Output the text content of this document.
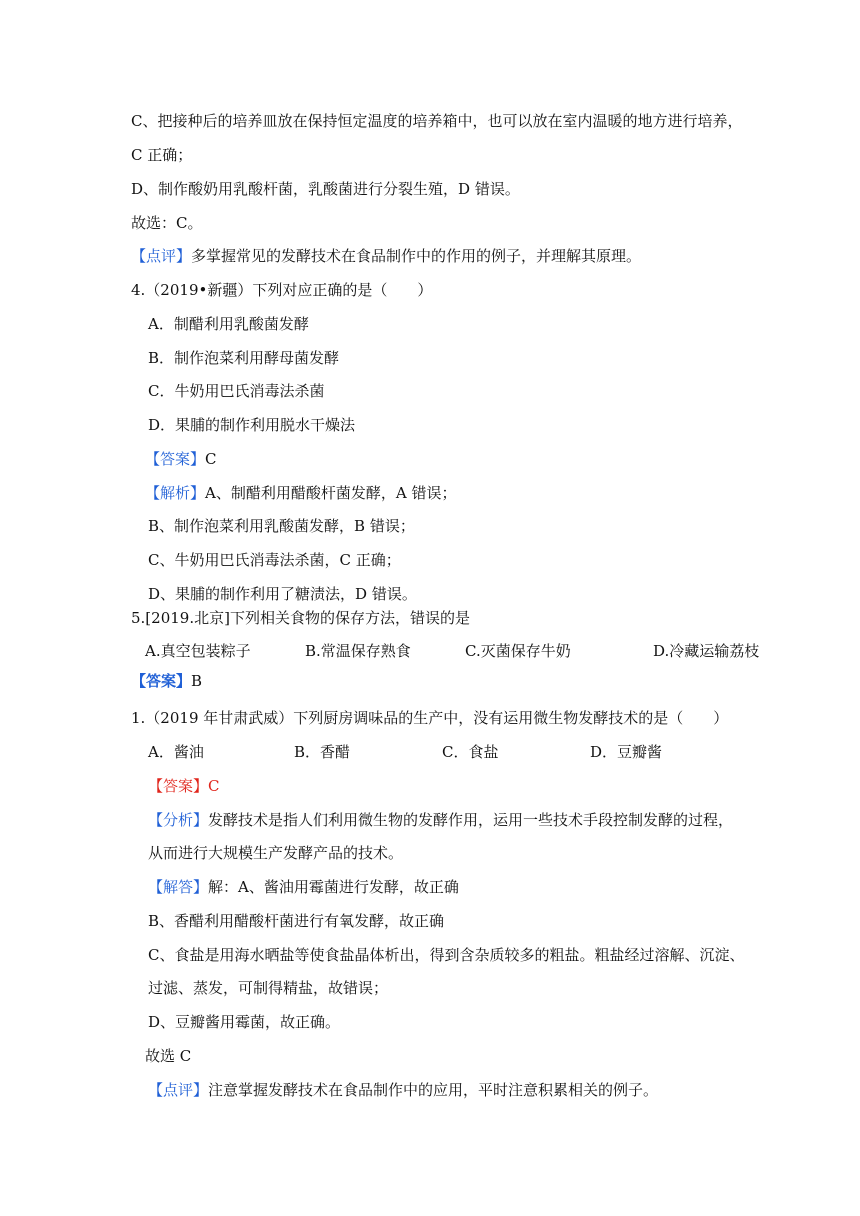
C、把接种后的培养皿放在保持恒定温度的培养箱中，也可以放在室内温暖的地方进行培养，
C 正确；
D、制作酸奶用乳酸杆菌，乳酸菌进行分裂生殖，D 错误。
故选：C。
【点评】多掌握常见的发酵技术在食品制作中的作用的例子，并理解其原理。
4.（2019•新疆）下列对应正确的是（　　）
A．制醋利用乳酸菌发酵
B．制作泡菜利用酵母菌发酵
C．牛奶用巴氏消毒法杀菌
D．果脯的制作利用脱水干燥法
【答案】C
【解析】A、制醋利用醋酸杆菌发酵，A 错误；
B、制作泡菜利用乳酸菌发酵，B 错误；
C、牛奶用巴氏消毒法杀菌，C 正确；
D、果脯的制作利用了糖渍法，D 错误。
5.[2019.北京]下列相关食物的保存方法，错误的是
A.真空包装粽子	B.常温保存熟食	C.灭菌保存牛奶	D.冷藏运输荔枝
【答案】B
1.（2019 年甘肃武威）下列厨房调味品的生产中，没有运用微生物发酵技术的是（　　）
A．酱油	B．香醋	C．食盐	D．豆瓣酱
【答案】C
【分析】发酵技术是指人们利用微生物的发酵作用，运用一些技术手段控制发酵的过程，
从而进行大规模生产发酵产品的技术。
【解答】解：A、酱油用霉菌进行发酵，故正确
B、香醋利用醋酸杆菌进行有氧发酵，故正确
C、食盐是用海水晒盐等使食盐晶体析出，得到含杂质较多的粗盐。粗盐经过溶解、沉淀、
过滤、蒸发，可制得精盐，故错误；
D、豆瓣酱用霉菌，故正确。
故选 C
【点评】注意掌握发酵技术在食品制作中的应用，平时注意积累相关的例子。
